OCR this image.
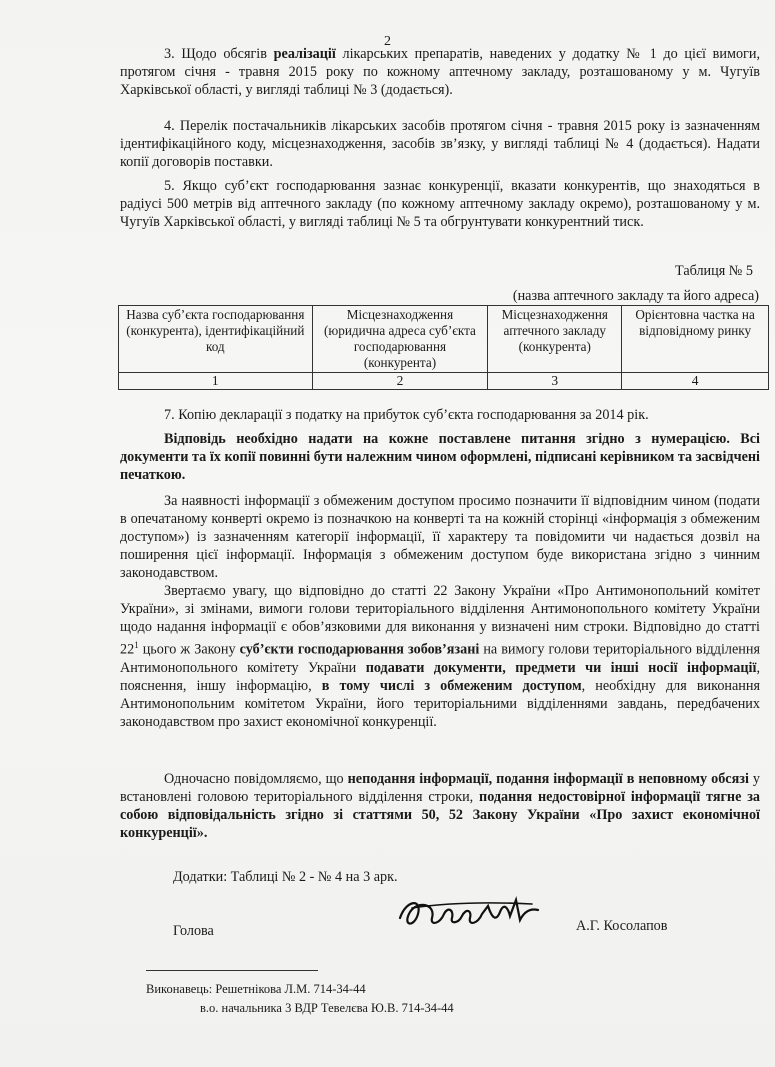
2
3. Щодо обсягів реалізації лікарських препаратів, наведених у додатку № 1 до цієї вимоги, протягом січня - травня 2015 року по кожному аптечному закладу, розташованому у м. Чугуїв Харківської області, у вигляді таблиці № 3 (додається).
4. Перелік постачальників лікарських засобів протягом січня - травня 2015 року із зазначенням ідентифікаційного коду, місцезнаходження, засобів зв’язку, у вигляді таблиці № 4 (додається). Надати копії договорів поставки.
5. Якщо суб’єкт господарювання зазнає конкуренції, вказати конкурентів, що знаходяться в радіусі 500 метрів від аптечного закладу (по кожному аптечному закладу окремо), розташованому у м. Чугуїв Харківської області, у вигляді таблиці № 5 та обгрунтувати конкурентний тиск.
Таблиця № 5
(назва аптечного закладу та його адреса)
Назва суб’єкта господарювання (конкурента), ідентифікаційний код	Місцезнаходження (юридична адреса суб’єкта господарювання (конкурента)	Місцезнаходження аптечного закладу (конкурента)	Орієнтовна частка на відповідному ринку
1	2	3	4
7. Копію декларації з податку на прибуток суб’єкта господарювання за 2014 рік.
Відповідь необхідно надати на кожне поставлене питання згідно з нумерацією. Всі документи та їх копії повинні бути належним чином оформлені, підписані керівником та засвідчені печаткою.
За наявності інформації з обмеженим доступом просимо позначити її відповідним чином (подати в опечатаному конверті окремо із позначкою на конверті та на кожній сторінці «інформація з обмеженим доступом») із зазначенням категорії інформації, її характеру та повідомити чи надається дозвіл на поширення цієї інформації. Інформація з обмеженим доступом буде використана згідно з чинним законодавством.
Звертаємо увагу, що відповідно до статті 22 Закону України «Про Антимонопольний комітет України», зі змінами, вимоги голови територіального відділення Антимонопольного комітету України щодо надання інформації є обов’язковими для виконання у визначені ним строки. Відповідно до статті $22^1$ цього ж Закону суб’єкти господарювання зобов’язані на вимогу голови територіального відділення Антимонопольного комітету України подавати документи, предмети чи інші носії інформації, пояснення, іншу інформацію, в тому числі з обмеженим доступом, необхідну для виконання Антимонопольним комітетом України, його територіальними відділеннями завдань, передбачених законодавством про захист економічної конкуренції.
Одночасно повідомляємо, що неподання інформації, подання інформації в неповному обсязі у встановлені головою територіального відділення строки, подання недостовірної інформації тягне за собою відповідальність згідно зі статтями 50, 52 Закону України «Про захист економічної конкуренції».
Додатки: Таблиці № 2 - № 4 на 3 арк.
Голова	А.Г. Косолапов
Виконавець: Решетнікова Л.М. 714-34-44
в.о. начальника 3 ВДР Тевелєва Ю.В. 714-34-44
